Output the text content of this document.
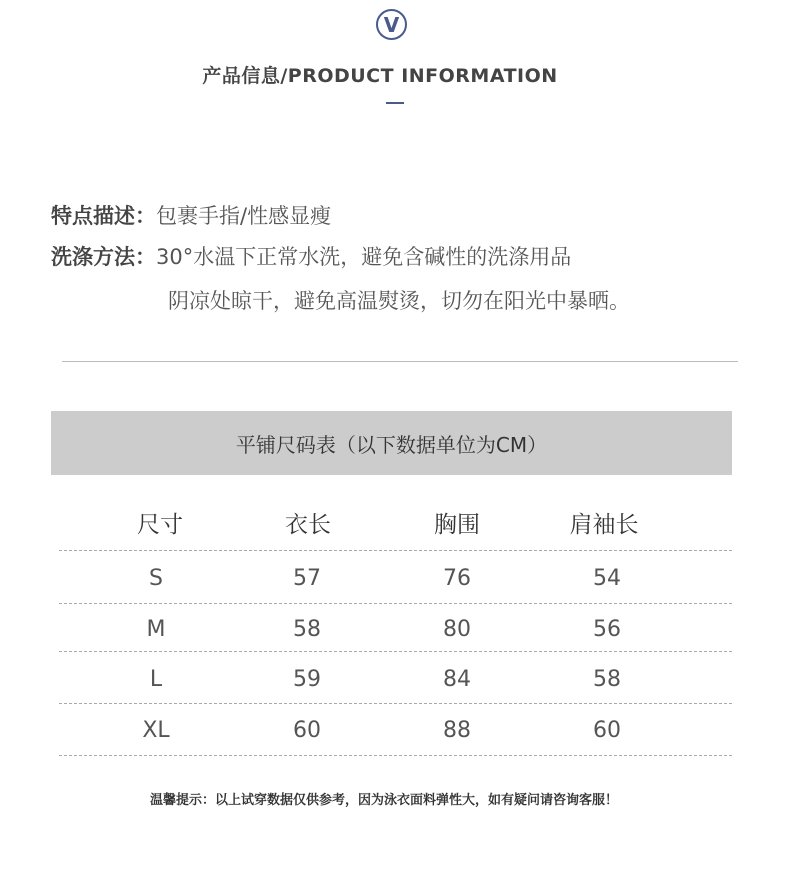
V
产品信息/PRODUCT INFORMATION
特点描述：包裹手指/性感显瘦
洗涤方法：30°水温下正常水洗，避免含碱性的洗涤用品
阴凉处晾干，避免高温熨烫，切勿在阳光中暴晒。
平铺尺码表（以下数据单位为CM）
尺寸	衣长	胸围	肩袖长
S	57	76	54
M	58	80	56
L	59	84	58
XL	60	88	60
温馨提示：以上试穿数据仅供参考，因为泳衣面料弹性大，如有疑问请咨询客服！
